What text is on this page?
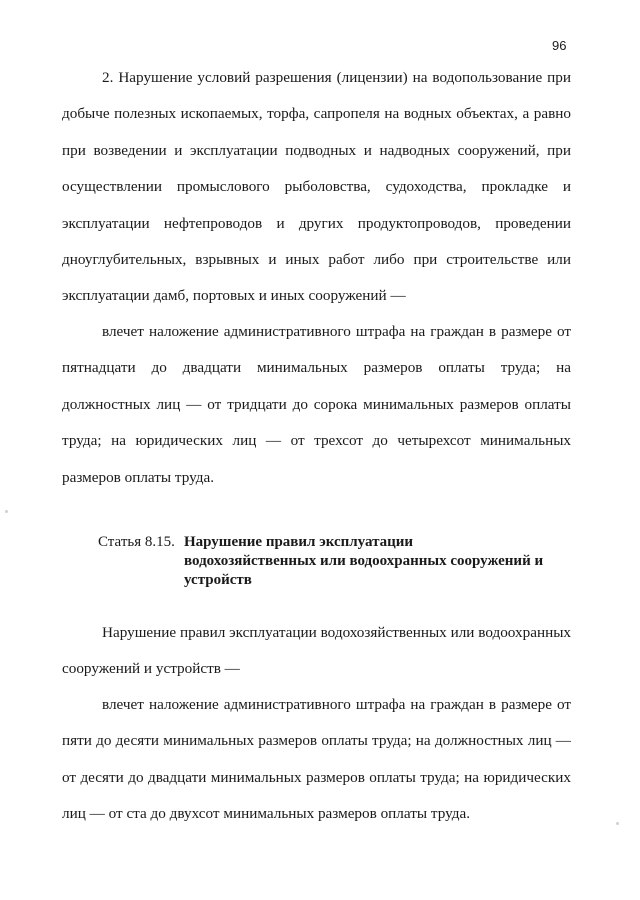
96

2. Нарушение условий разрешения (лицензии) на водопользование при добыче полезных ископаемых, торфа, сапропеля на водных объектах, а равно при возведении и эксплуатации подводных и надводных сооружений, при осуществлении промыслового рыболовства, судоходства, прокладке и эксплуатации нефтепроводов и других продуктопроводов, проведении дноуглубительных, взрывных и иных работ либо при строительстве или эксплуатации дамб, портовых и иных сооружений —

влечет наложение административного штрафа на граждан в размере от пятнадцати до двадцати минимальных размеров оплаты труда; на должностных лиц — от тридцати до сорока минимальных размеров оплаты труда; на юридических лиц — от трехсот до четырехсот минимальных размеров оплаты труда.

Статья 8.15. Нарушение правил эксплуатации водохозяйственных или водоохранных сооружений и устройств

Нарушение правил эксплуатации водохозяйственных или водоохранных сооружений и устройств —

влечет наложение административного штрафа на граждан в размере от пяти до десяти минимальных размеров оплаты труда; на должностных лиц — от десяти до двадцати минимальных размеров оплаты труда; на юридических лиц — от ста до двухсот минимальных размеров оплаты труда.
